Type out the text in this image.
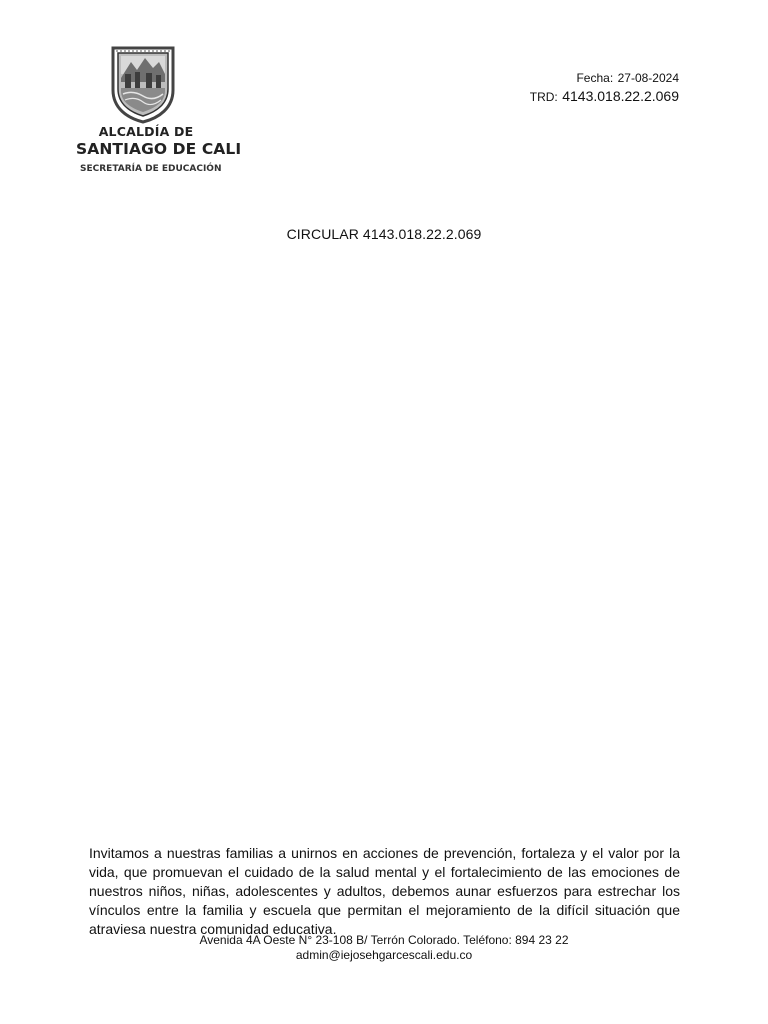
ALCALDÍA DE
SANTIAGO DE CALI
SECRETARÍA DE EDUCACIÓN
Fecha: 27-08-2024
TRD: 4143.018.22.2.069
CIRCULAR 4143.018.22.2.069

Invitamos a nuestras familias a unirnos en acciones de prevención, fortaleza y el valor por la vida, que promuevan el cuidado de la salud mental y el fortalecimiento de las emociones de nuestros niños, niñas, adolescentes y adultos, debemos aunar esfuerzos para estrechar los vínculos entre la familia y escuela que permitan el mejoramiento de la difícil situación que atraviesa nuestra comunidad educativa.

Avenida 4A Oeste N° 23-108 B/ Terrón Colorado. Teléfono: 894 23 22
admin@iejosehgarcescali.edu.co
